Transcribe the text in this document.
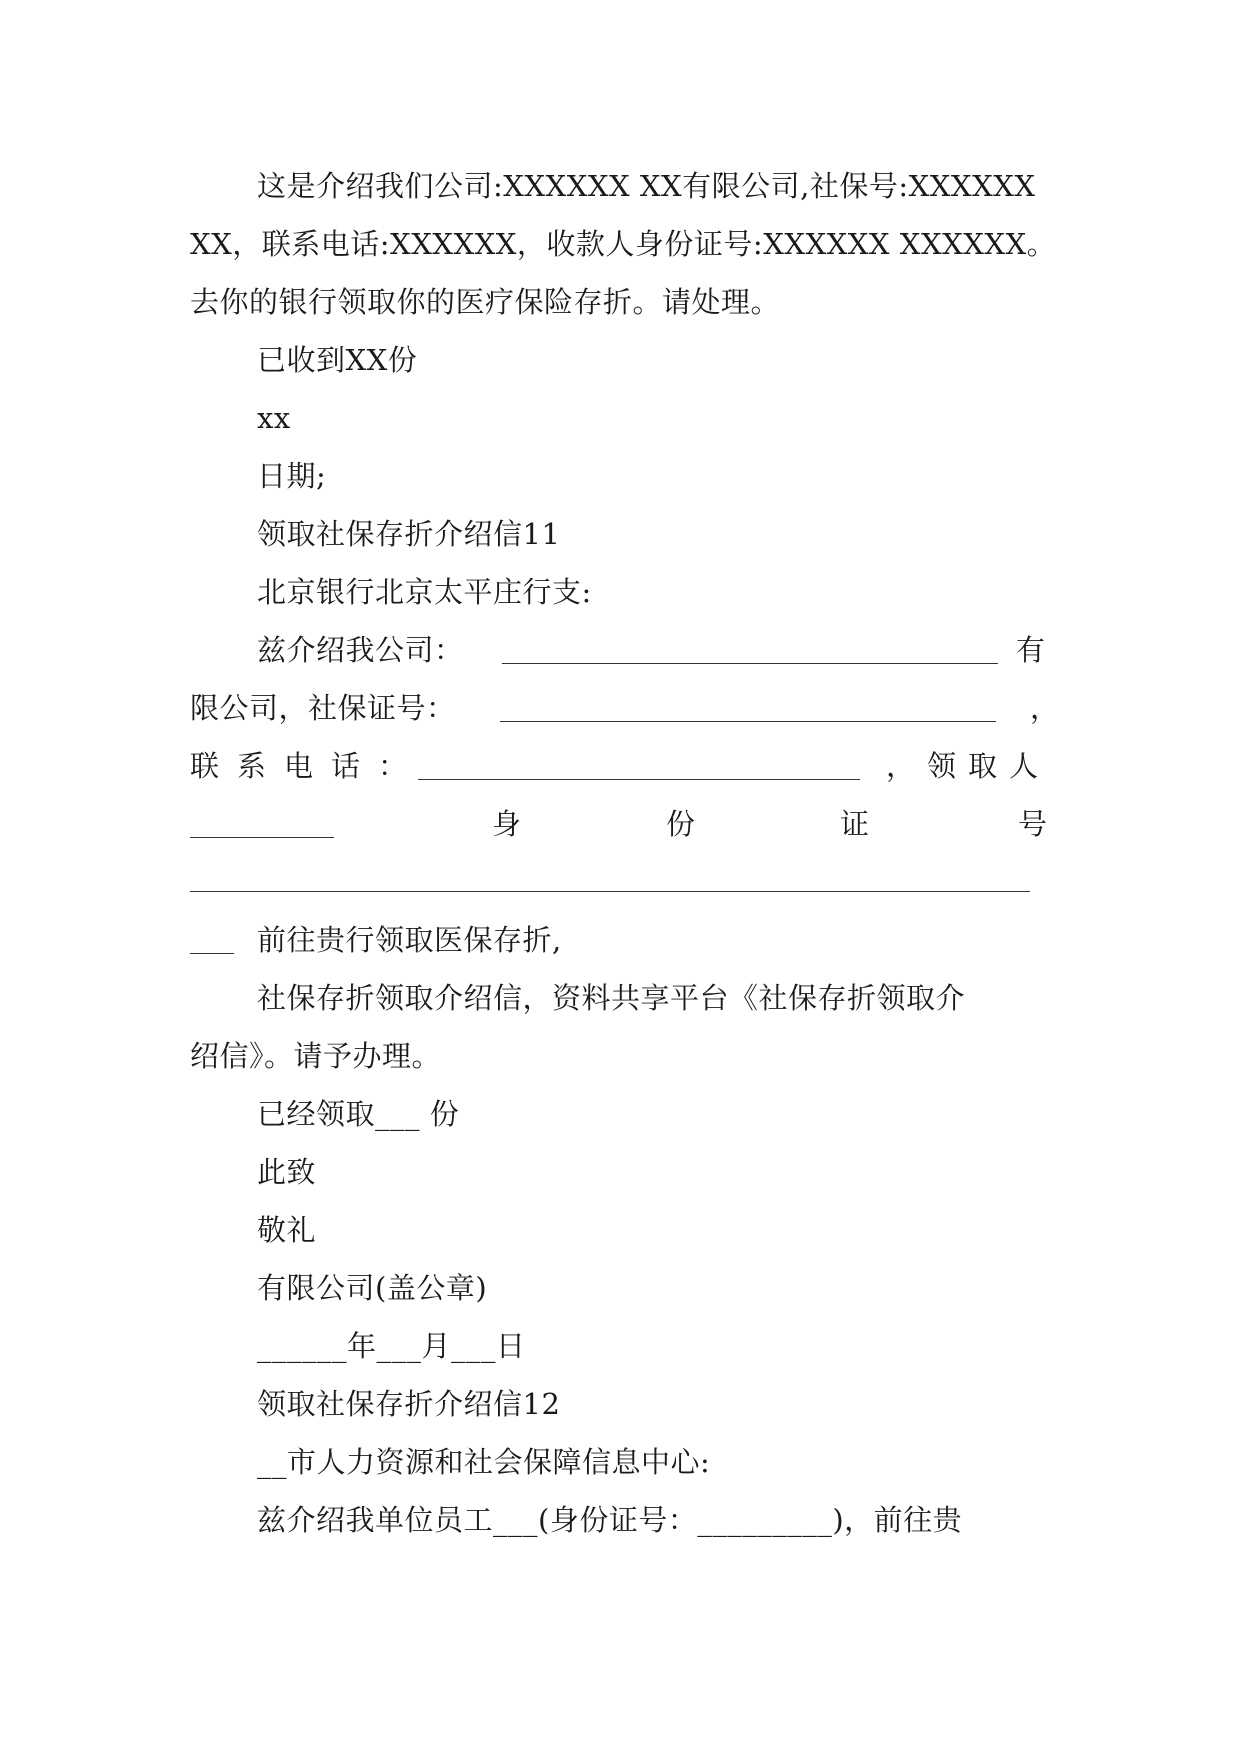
这是介绍我们公司:XXXXXX XX有限公司,社保号:XXXXXX
XX，联系电话:XXXXXX，收款人身份证号:XXXXXX XXXXXX。
去你的银行领取你的医疗保险存折。请处理。
已收到XX份
xx
日期;
领取社保存折介绍信11
北京银行北京太平庄行支:
兹介绍我公司：	有
限公司，社保证号：	，
联系电话：	，领取人
身	份	证	号
前往贵行领取医保存折,
社保存折领取介绍信，资料共享平台《社保存折领取介
绍信》。请予办理。
已经领取___ 份
此致
敬礼
有限公司(盖公章)
______年___月___日
领取社保存折介绍信12
__市人力资源和社会保障信息中心:
兹介绍我单位员工___(身份证号：_________)，前往贵
